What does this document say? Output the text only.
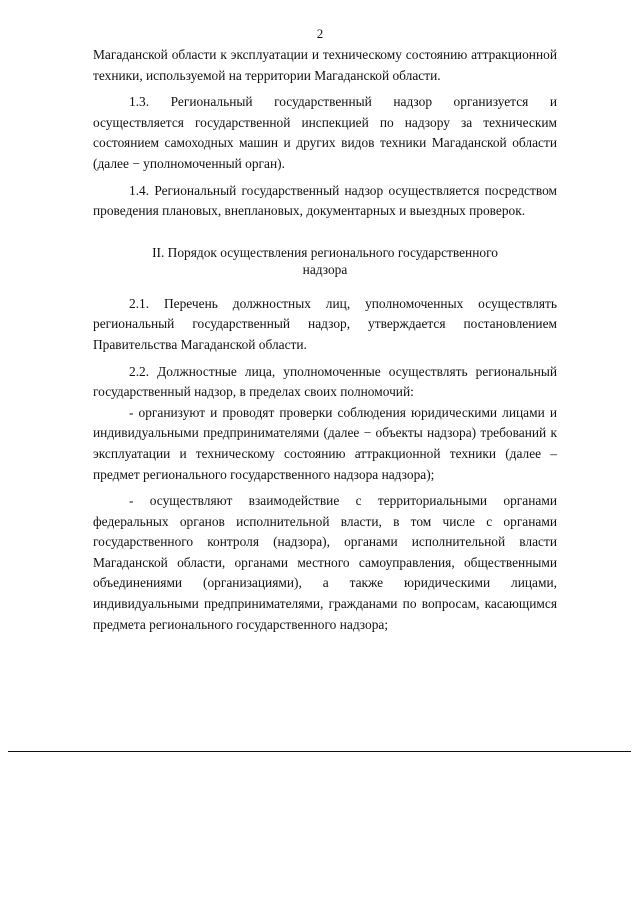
2

Магаданской области к эксплуатации и техническому состоянию аттракционной техники, используемой на территории Магаданской области.

1.3. Региональный государственный надзор организуется и осуществляется государственной инспекцией по надзору за техническим состоянием самоходных машин и других видов техники Магаданской области (далее − уполномоченный орган).

1.4. Региональный государственный надзор осуществляется посредством проведения плановых, внеплановых, документарных и выездных проверок.

II. Порядок осуществления регионального государственного
надзора

2.1. Перечень должностных лиц, уполномоченных осуществлять региональный государственный надзор, утверждается постановлением Правительства Магаданской области.

2.2. Должностные лица, уполномоченные осуществлять региональный государственный надзор, в пределах своих полномочий:

- организуют и проводят проверки соблюдения юридическими лицами и индивидуальными предпринимателями (далее − объекты надзора) требований к эксплуатации и техническому состоянию аттракционной техники (далее – предмет регионального государственного надзора надзора);

- осуществляют взаимодействие с территориальными органами федеральных органов исполнительной власти, в том числе с органами государственного контроля (надзора), органами исполнительной власти Магаданской области, органами местного самоуправления, общественными объединениями (организациями), а также юридическими лицами, индивидуальными предпринимателями, гражданами по вопросам, касающимся предмета регионального государственного надзора;
